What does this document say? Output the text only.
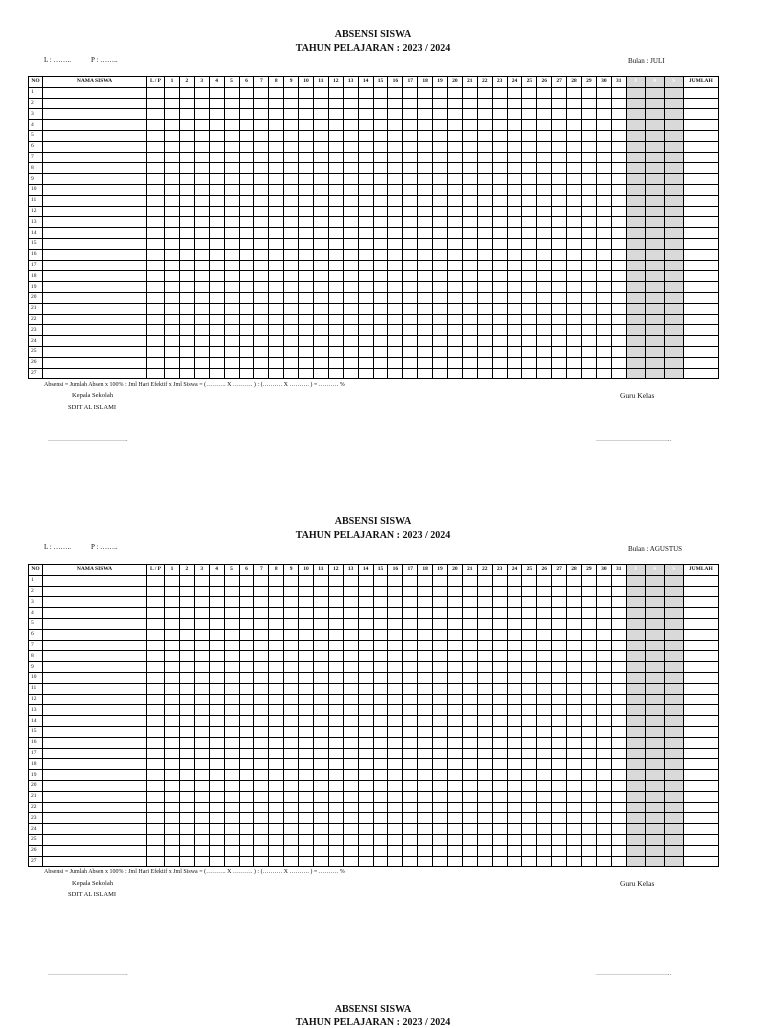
ABSENSI SISWA
TAHUN PELAJARAN : 2023 / 2024
L : ……..	P : ……..	Bulan : JULI
NO	NAMA SISWA	L / P	1	2	3	4	5	6	7	8	9	10	11	12	13	14	15	16	17	18	19	20	21	22	23	24	25	26	27	28	29	30	31	I	A	S	JUMLAH
1																																					
2																																					
3																																					
4																																					
5																																					
6																																					
7																																					
8																																					
9																																					
10																																					
11																																					
12																																					
13																																					
14																																					
15																																					
16																																					
17																																					
18																																					
19																																					
20																																					
21																																					
22																																					
23																																					
24																																					
25																																					
26																																					
27																																					
Absensi = Jumlah Absen x 100% : Jml Hari Efektif x Jml Siswa = (………. X ………. ) : (………. X ………. ) = ………. %
Kepala Sekolah
SDIT AL ISLAMI
Guru Kelas
………………………………….	………………………………..
ABSENSI SISWA
TAHUN PELAJARAN : 2023 / 2024
L : ……..	P : ……..	Bulan : AGUSTUS
NO	NAMA SISWA	L / P	1	2	3	4	5	6	7	8	9	10	11	12	13	14	15	16	17	18	19	20	21	22	23	24	25	26	27	28	29	30	31	I	A	S	JUMLAH
1																																					
2																																					
3																																					
4																																					
5																																					
6																																					
7																																					
8																																					
9																																					
10																																					
11																																					
12																																					
13																																					
14																																					
15																																					
16																																					
17																																					
18																																					
19																																					
20																																					
21																																					
22																																					
23																																					
24																																					
25																																					
26																																					
27																																					
Absensi = Jumlah Absen x 100% : Jml Hari Efektif x Jml Siswa = (………. X ………. ) : (………. X ………. ) = ………. %
Kepala Sekolah
SDIT AL ISLAMI
Guru Kelas
………………………………….	………………………………..
ABSENSI SISWA
TAHUN PELAJARAN : 2023 / 2024
